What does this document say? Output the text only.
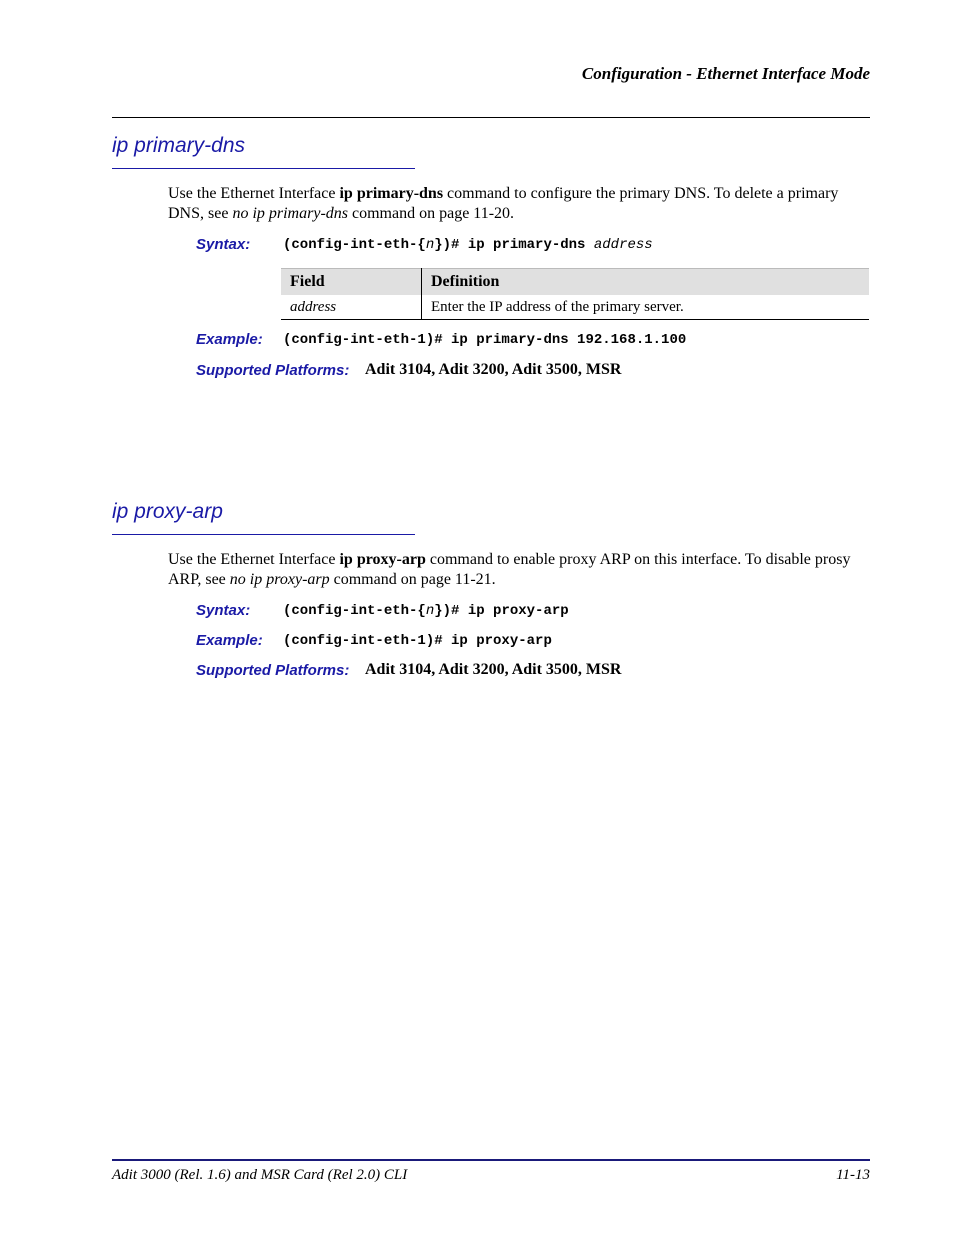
Configuration - Ethernet Interface Mode
ip primary-dns
Use the Ethernet Interface ip primary-dns command to configure the primary DNS. To delete a primary DNS, see no ip primary-dns command on page 11-20.
Syntax: (config-int-eth-{n})# ip primary-dns address
Field	Definition
address	Enter the IP address of the primary server.
Example: (config-int-eth-1)# ip primary-dns 192.168.1.100
Supported Platforms: Adit 3104, Adit 3200, Adit 3500, MSR
ip proxy-arp
Use the Ethernet Interface ip proxy-arp command to enable proxy ARP on this interface. To disable prosy ARP, see no ip proxy-arp command on page 11-21.
Syntax: (config-int-eth-{n})# ip proxy-arp
Example: (config-int-eth-1)# ip proxy-arp
Supported Platforms: Adit 3104, Adit 3200, Adit 3500, MSR
Adit 3000 (Rel. 1.6) and MSR Card (Rel 2.0) CLI	11-13
